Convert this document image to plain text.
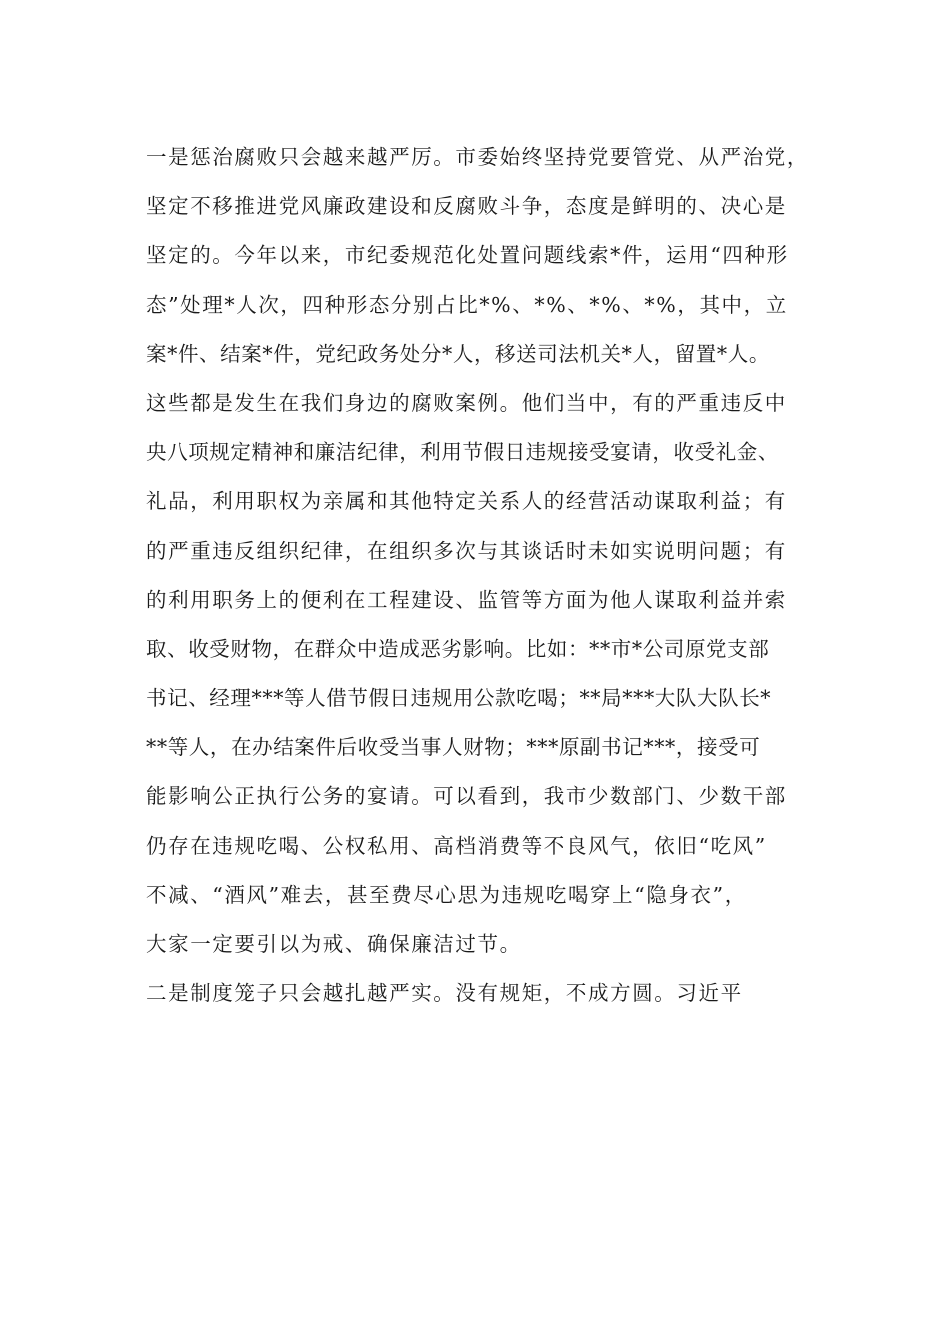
一是惩治腐败只会越来越严厉。市委始终坚持党要管党、从严治党，
坚定不移推进党风廉政建设和反腐败斗争，态度是鲜明的、决心是
坚定的。今年以来，市纪委规范化处置问题线索*件，运用“四种形
态”处理*人次，四种形态分别占比*%、*%、*%、*%，其中，立
案*件、结案*件，党纪政务处分*人，移送司法机关*人，留置*人。
这些都是发生在我们身边的腐败案例。他们当中，有的严重违反中
央八项规定精神和廉洁纪律，利用节假日违规接受宴请，收受礼金、
礼品，利用职权为亲属和其他特定关系人的经营活动谋取利益；有
的严重违反组织纪律，在组织多次与其谈话时未如实说明问题；有
的利用职务上的便利在工程建设、监管等方面为他人谋取利益并索
取、收受财物，在群众中造成恶劣影响。比如：**市*公司原党支部
书记、经理***等人借节假日违规用公款吃喝；**局***大队大队长*
**等人，在办结案件后收受当事人财物；***原副书记***，接受可
能影响公正执行公务的宴请。可以看到，我市少数部门、少数干部
仍存在违规吃喝、公权私用、高档消费等不良风气，依旧“吃风”
不减、“酒风”难去，甚至费尽心思为违规吃喝穿上“隐身衣”，
大家一定要引以为戒、确保廉洁过节。
二是制度笼子只会越扎越严实。没有规矩，不成方圆。习近平
